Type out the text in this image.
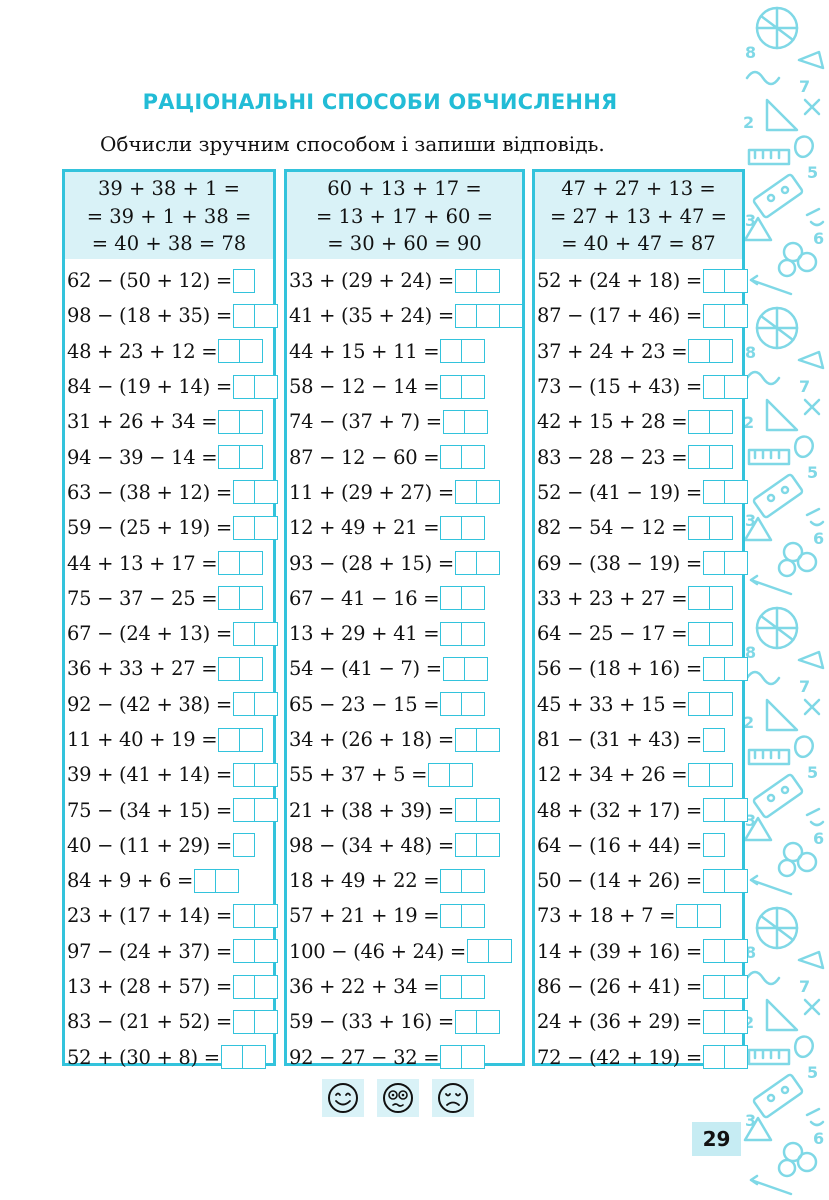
РАЦІОНАЛЬНІ СПОСОБИ ОБЧИСЛЕННЯ
Обчисли зручним способом і запиши відповідь.
39 + 38 + 1 =
= 39 + 1 + 38 =
= 40 + 38 = 78
62 − (50 + 12) =
98 − (18 + 35) =
48 + 23 + 12 =
84 − (19 + 14) =
31 + 26 + 34 =
94 − 39 − 14 =
63 − (38 + 12) =
59 − (25 + 19) =
44 + 13 + 17 =
75 − 37 − 25 =
67 − (24 + 13) =
36 + 33 + 27 =
92 − (42 + 38) =
11 + 40 + 19 =
39 + (41 + 14) =
75 − (34 + 15) =
40 − (11 + 29) =
84 + 9 + 6 =
23 + (17 + 14) =
97 − (24 + 37) =
13 + (28 + 57) =
83 − (21 + 52) =
52 + (30 + 8) =
60 + 13 + 17 =
= 13 + 17 + 60 =
= 30 + 60 = 90
33 + (29 + 24) =
41 + (35 + 24) =
44 + 15 + 11 =
58 − 12 − 14 =
74 − (37 + 7) =
87 − 12 − 60 =
11 + (29 + 27) =
12 + 49 + 21 =
93 − (28 + 15) =
67 − 41 − 16 =
13 + 29 + 41 =
54 − (41 − 7) =
65 − 23 − 15 =
34 + (26 + 18) =
55 + 37 + 5 =
21 + (38 + 39) =
98 − (34 + 48) =
18 + 49 + 22 =
57 + 21 + 19 =
100 − (46 + 24) =
36 + 22 + 34 =
59 − (33 + 16) =
92 − 27 − 32 =
47 + 27 + 13 =
= 27 + 13 + 47 =
= 40 + 47 = 87
52 + (24 + 18) =
87 − (17 + 46) =
37 + 24 + 23 =
73 − (15 + 43) =
42 + 15 + 28 =
83 − 28 − 23 =
52 − (41 − 19) =
82 − 54 − 12 =
69 − (38 − 19) =
33 + 23 + 27 =
64 − 25 − 17 =
56 − (18 + 16) =
45 + 33 + 15 =
81 − (31 + 43) =
12 + 34 + 26 =
48 + (32 + 17) =
64 − (16 + 44) =
50 − (14 + 26) =
73 + 18 + 7 =
14 + (39 + 16) =
86 − (26 + 41) =
24 + (36 + 29) =
72 − (42 + 19) =
29
